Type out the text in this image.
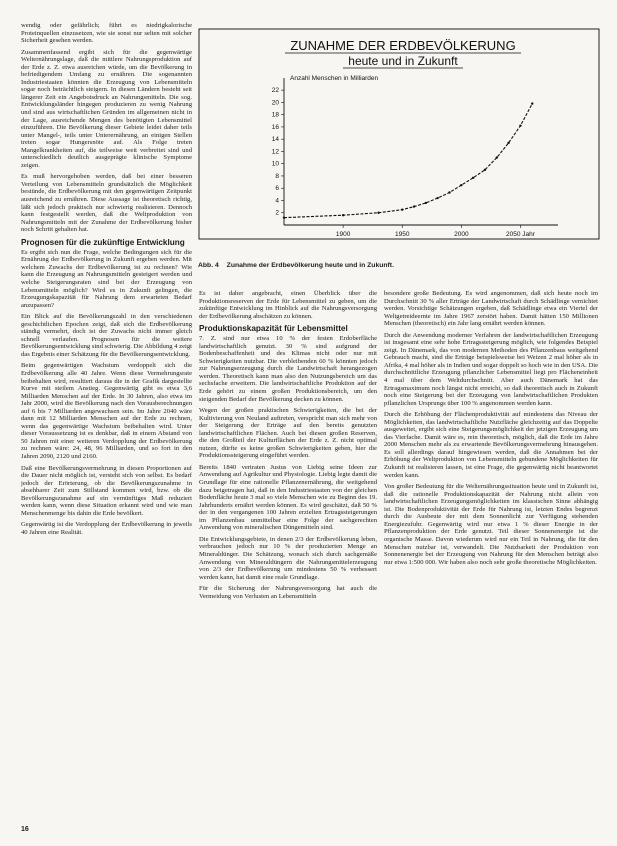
wendig oder gefährlich; führt es niedrigkalorische Proteinquellen einzusetzen, wie sie sonst nur selten mit solcher Sicherheit gesehen werden.

Zusammenfassend ergibt sich für die gegenwärtige Welternährungslage, daß die mittlere Nahrungsproduktion auf der Erde z. Z. etwa ausreichen würde, um die Bevölkerung in befriedigendem Umfang zu ernähren. Die sogenannten Industriestaaten könnten die Erzeugung von Lebensmitteln sogar noch beträchtlich steigern. In diesen Ländern besteht seit längerer Zeit ein Angebotsdruck an Nahrungsmitteln. Die sog. Entwicklungsländer hingegen produzieren zu wenig Nahrung und sind aus wirtschaftlichen Gründen im allgemeinen nicht in der Lage, ausreichende Mengen des benötigten Lebensmittel einzuführen. Die Bevölkerung dieser Gebiete leidet daher teils unter Mangel-, teils unter Unterernährung, an einigen Stellen treten sogar Hungersnöte auf. Als Folge treten Mangelkrankheiten auf, die teilweise weit verbreitet sind und unterschiedlich deutlich ausgeprägte klinische Symptome zeigen.

Es muß hervorgehoben werden, daß bei einer besseren Verteilung von Lebensmitteln grundsätzlich die Möglichkeit bestünde, die Erdbevölkerung mit den gegenwärtigen Zeitpunkt ausreichend zu ernähren. Diese Aussage ist theoretisch richtig, läßt sich jedoch praktisch nur schwierig realisieren. Dennoch kann festgestellt werden, daß die Weltproduktion von Nahrungsmitteln mit der Zunahme der Erdbevölkerung bisher noch Schritt gehalten hat.

Prognosen für die zukünftige Entwicklung

Es ergibt sich nun die Frage, welche Bedingungen sich für die Ernährung der Erdbevölkerung in Zukunft ergeben werden. Mit welchem Zuwachs der Erdbevölkerung ist zu rechnen? Wie kann die Erzeugung an Nahrungsmitteln gesteigert werden und welche Steigerungsraten sind bei der Erzeugung von Lebensmitteln möglich? Wird es in Zukunft gelingen, die Erzeugungskapazität für Nahrung dem erwarteten Bedarf anzupassen?

Ein Blick auf die Bevölkerungszahl in den verschiedenen geschichtlichen Epochen zeigt, daß sich die Erdbevölkerung ständig vermehrt, doch ist der Zuwachs nicht immer gleich schnell verlaufen. Prognosen für die weitere Bevölkerungsentwicklung sind schwierig. Die Abbildung 4 zeigt das Ergebnis einer Schätzung für die Bevölkerungsentwicklung.

Beim gegenwärtigen Wachstum verdoppelt sich die Erdbevölkerung alle 40 Jahre. Wenn diese Vermehrungsrate beibehalten wird, resultiert daraus die in der Grafik dargestellte Kurve mit steilem Anstieg. Gegenwärtig gibt es etwa 3,6 Milliarden Menschen auf der Erde. In 30 Jahren, also etwa im Jahr 2000, wird die Bevölkerung nach den Vorausberechnungen auf 6 bis 7 Milliarden angewachsen sein. Im Jahre 2040 wäre dann mit 12 Milliarden Menschen auf der Erde zu rechnen, wenn das gegenwärtige Wachstum beibehalten wird. Unter dieser Voraussetzung ist es denkbar, daß in einem Abstand von 50 Jahren mit einer weiteren Verdopplung der Erdbevölkerung zu rechnen wäre: 24, 48, 96 Milliarden, und so fort in den Jahren 2090, 2120 und 2160.

Daß eine Bevölkerungsvermehrung in diesen Proportionen auf die Dauer nicht möglich ist, versteht sich von selbst. Es bedarf jedoch der Erörterung, ob die Bevölkerungszunahme in absehbarer Zeit zum Stillstand kommen wird, bzw. ob die Bevölkerungszunahme auf ein vernünftiges Maß reduziert werden kann, wenn diese Situation erkannt wird und wie man Menschenmenge bis dahin die Erde bevölkert.

Gegenwärtig ist die Verdopplung der Erdbevölkerung in jeweils 40 Jahren eine Realität.

ZUNAHME DER ERDBEVÖLKERUNG
heute und in Zukunft
Anzahl Menschen in Milliarden
2
4
6
8
10
12
14
16
18
20
22
1900	1950	2000	2050 Jahr
Abb. 4 Zunahme der Erdbevölkerung heute und in Zukunft.

Es ist daher angebracht, einen Überblick über die Produktionsreserven der Erde für Lebensmittel zu geben, um die zukünftige Entwicklung im Hinblick auf die Nahrungsversorgung der Erdbevölkerung abschätzen zu können.

Produktionskapazität für Lebensmittel

7. Z. sind nur etwa 10 % der festen Erdoberfläche landwirtschaftlich genutzt. 30 % sind aufgrund der Bodenbeschaffenheit und des Klimas nicht oder nur mit Schwierigkeiten nutzbar. Die verbleibenden 60 % könnten jedoch zur Nahrungserzeugung durch die Landwirtschaft herangezogen werden. Theoretisch kann man also den Nutzungsbereich um das sechsfache erweitern. Die landwirtschaftliche Produktion auf der Erde gehört zu einem großen Produktionsbereich, um den steigenden Bedarf der Bevölkerung decken zu können.

Wegen der großen praktischen Schwierigkeiten, die bei der Kultivierung von Neuland auftreten, verspricht man sich mehr von der Steigerung der Erträge auf den bereits genutzten landwirtschaftlichen Flächen. Auch bei diesen großen Reserven, die den Großteil der Kulturflächen der Erde z. Z. nicht optimal nutzen, dürfte es keine großen Schwierigkeiten geben, hier die Produktionssteigerung eingeführt werden.

Bereits 1840 vertraten Justus von Liebig seine Ideen zur Anwendung auf Agrikultur und Physiologie. Liebig legte damit die Grundlage für eine rationelle Pflanzenernährung, die weitgehend dazu beigetragen hat, daß in den Industriestaaten von der gleichen Bodenfläche heute 3 mal so viele Menschen wie zu Beginn des 19. Jahrhunderts ernährt werden können. Es wird geschätzt, daß 50 % der in den vergangenen 100 Jahren erzielten Ertragssteigerungen im Pflanzenbau unmittelbar eine Folge der sachgerechten Anwendung von mineralischen Düngemitteln sind.

Die Entwicklungsgebiete, in denen 2/3 der Erdbevölkerung leben, verbrauchen jedoch nur 10 % der produzierten Menge an Mineraldünger. Die Schätzung, wonach sich durch sachgemäße Anwendung von Mineraldüngern die Nahrungsmittelerzeugung von 2/3 der Erdbevölkerung um mindestens 50 % verbessert werden kann, hat damit eine reale Grundlage.

Für die Sicherung der Nahrungsversorgung hat auch die Vermeidung von Verlusten an Lebensmitteln

besondere große Bedeutung. Es wird angenommen, daß sich heute noch im Durchschnitt 30 % aller Erträge der Landwirtschaft durch Schädlinge vernichtet werden. Vorsichtige Schätzungen ergeben, daß Schädlinge etwa ein Viertel der Weltgetreideernte im Jahre 1967 zerstört haben. Damit hätten 150 Millionen Menschen (theoretisch) ein Jahr lang ernährt werden können.

Durch die Anwendung moderner Verfahren der landwirtschaftlichen Erzeugung ist insgesamt eine sehr hohe Ertragssteigerung möglich, wie folgendes Beispiel zeigt. In Dänemark, das von modernen Methoden des Pflanzenbaus weitgehend Gebrauch macht, sind die Erträge beispielsweise bei Weizen 2 mal höher als in Afrika, 4 mal höher als in Indien und sogar doppelt so hoch wie in den USA. Die durchschnittliche Erzeugung pflanzlicher Lebensmittel liegt pro Flächeneinheit 4 mal über dem Weltdurchschnitt. Aber auch Dänemark hat das Ertragsmaximum noch längst nicht erreicht, so daß theoretisch auch in Zukunft noch eine Steigerung bei der Erzeugung von landwirtschaftlichen Produkten pflanzlichen Ursprungs über 100 % angenommen werden kann.

Durch die Erhöhung der Flächenproduktivität auf mindestens das Niveau der Möglichkeiten, das landwirtschaftliche Nutzfläche gleichzeitig auf das Doppelte ausgeweitet, ergibt sich eine Steigerungsmöglichkeit der jetzigen Erzeugung um das Vierfache. Damit wäre es, rein theoretisch, möglich, daß die Erde im Jahre 2000 Menschen mehr als zu erwartende Bevölkerungsvermehrung hinausgehen. Es soll allerdings darauf hingewiesen werden, daß die Annahmen bei der Erhöhung der Weltproduktion von Lebensmitteln gebundene Möglichkeiten für Zukunft ist realisieren lassen, ist eine Frage, die gegenwärtig nicht beantwortet werden kann.

Von großer Bedeutung für die Welternährungssituation heute und in Zukunft ist, daß die rationelle Produktionskapazität der Nahrung nicht allein von landwirtschaftlichen Erzeugungsmöglichkeiten im klassischen Sinne abhängig ist. Die Bodenproduktivität der Erde für Nahrung ist, letzten Endes begrenzt durch die Ausbeute der mit dem Sonnenlicht zur Verfügung stehenden Energiezufuhr. Gegenwärtig wird nur etwa 1 % dieser Energie in der Pflanzenproduktion der Erde genutzt. Teil dieser Sonnenenergie ist die organische Masse. Davon wiederum wird nur ein Teil in Nahrung, die für den Menschen nutzbar ist, verwandelt. Die Nutzbarkeit der Produktion von Sonnenenergie bei der Erzeugung von Nahrung für den Menschen beträgt also nur etwa 1:500 000. Wir haben also noch sehr große theoretische Möglichkeiten.

16
